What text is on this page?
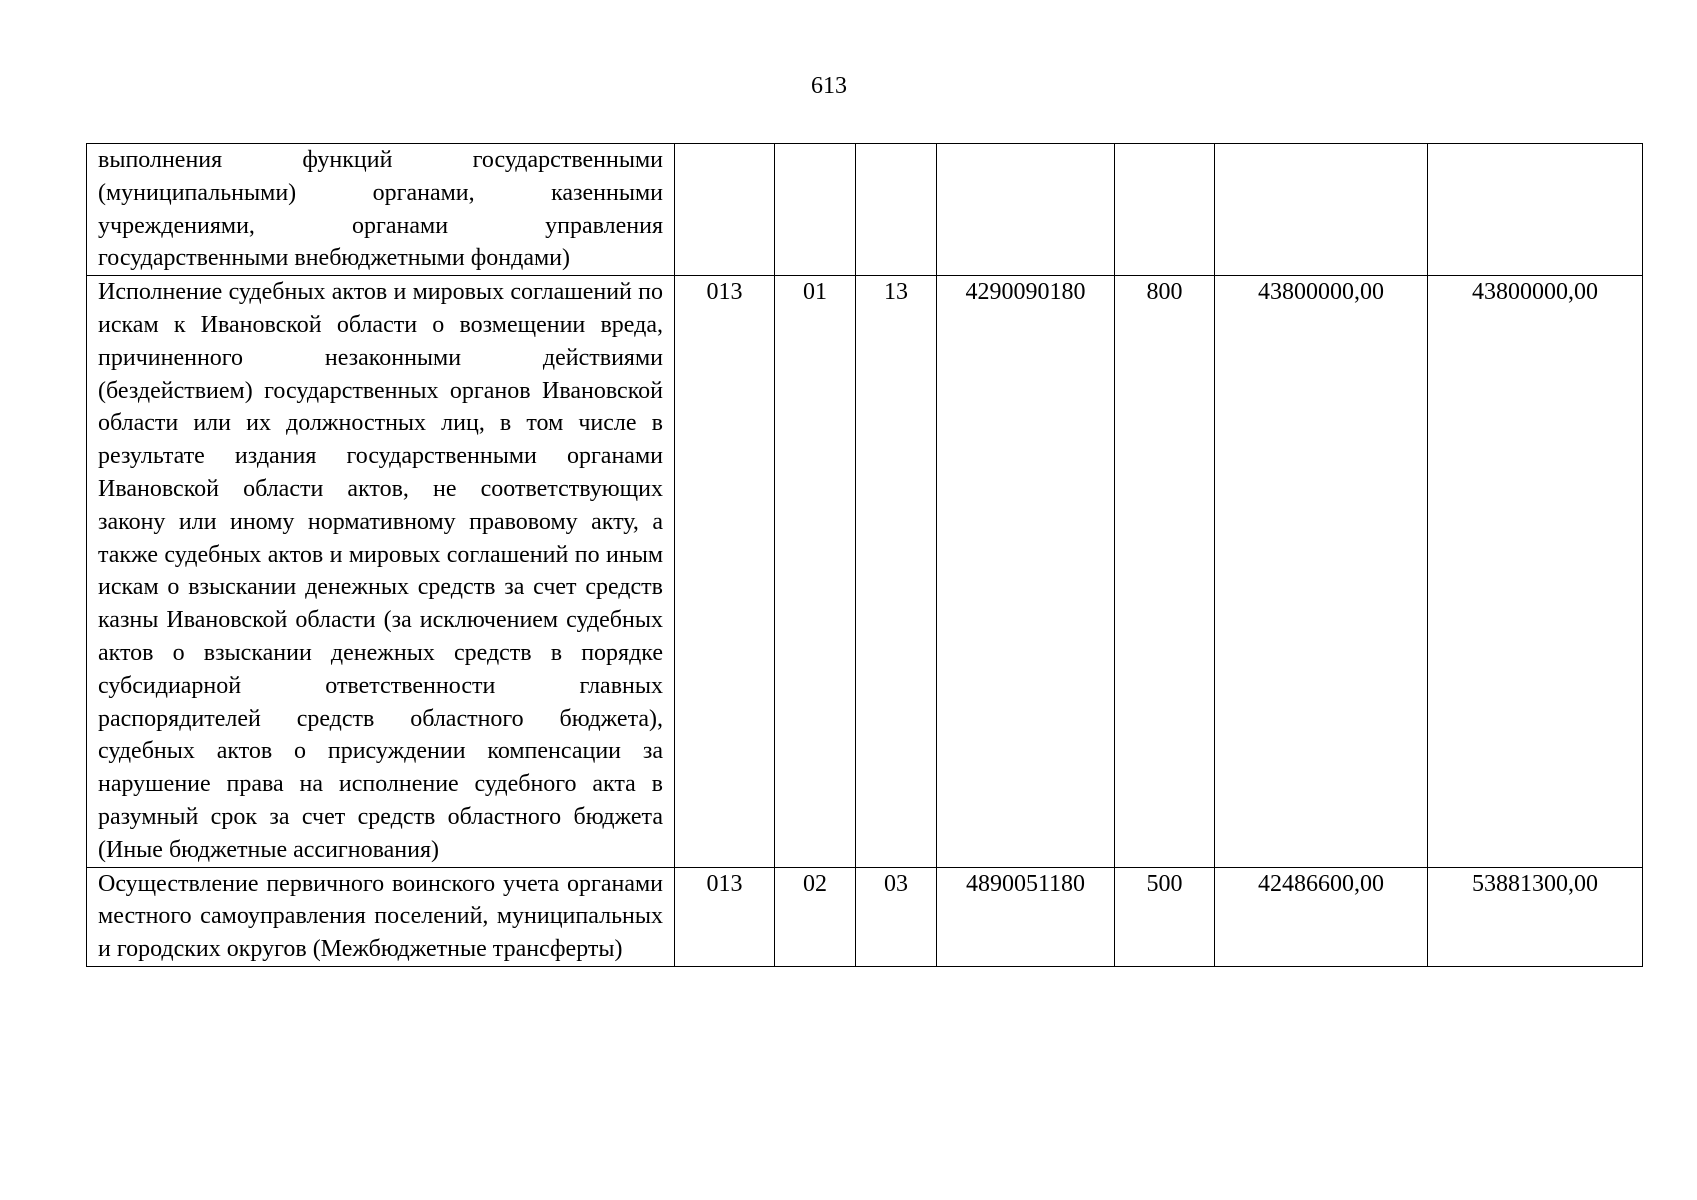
613
выполнения функций государственными (муниципальными) органами, казенными учреждениями, органами управления государственными внебюджетными фондами)							
Исполнение судебных актов и мировых соглашений по искам к Ивановской области о возмещении вреда, причиненного незаконными действиями (бездействием) государственных органов Ивановской области или их должностных лиц, в том числе в результате издания государственными органами Ивановской области актов, не соответствующих закону или иному нормативному правовому акту, а также судебных актов и мировых соглашений по иным искам о взыскании денежных средств за счет средств казны Ивановской области (за исключением судебных актов о взыскании денежных средств в порядке субсидиарной ответственности главных распорядителей средств областного бюджета), судебных актов о присуждении компенсации за нарушение права на исполнение судебного акта в разумный срок за счет средств областного бюджета (Иные бюджетные ассигнования)	013	01	13	4290090180	800	43800000,00	43800000,00
Осуществление первичного воинского учета органами местного самоуправления поселений, муниципальных и городских округов (Межбюджетные трансферты)	013	02	03	4890051180	500	42486600,00	53881300,00
